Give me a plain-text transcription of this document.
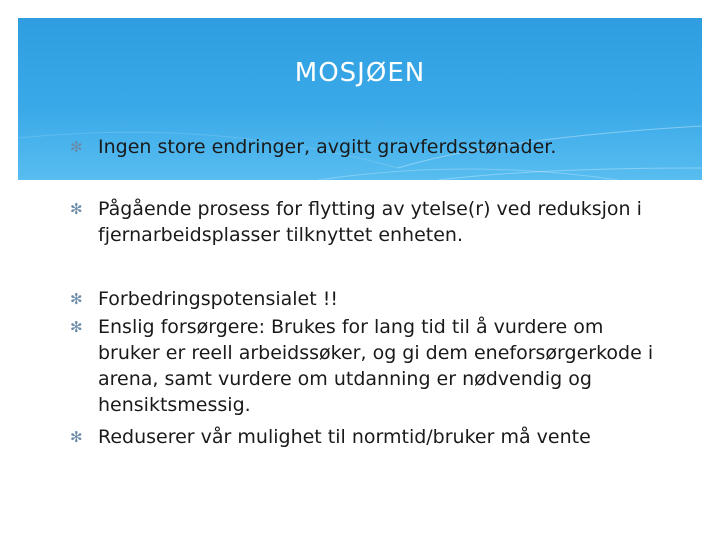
MOSJØEN
✻ Ingen store endringer, avgitt gravferdsstønader.
✻ Pågående prosess for flytting av ytelse(r) ved reduksjon i fjernarbeidsplasser tilknyttet enheten.
✻ Forbedringspotensialet !!
✻ Enslig forsørgere: Brukes for lang tid til å vurdere om bruker er reell arbeidssøker, og gi dem eneforsørgerkode i arena, samt vurdere om utdanning er nødvendig og hensiktsmessig.
✻ Reduserer vår mulighet til normtid/bruker må vente
